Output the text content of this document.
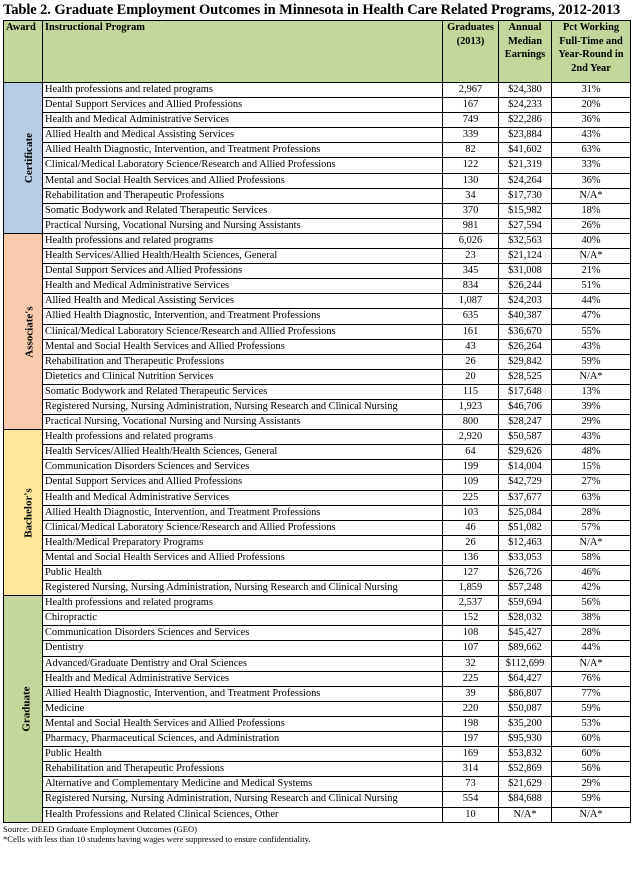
Table 2. Graduate Employment Outcomes in Minnesota in Health Care Related Programs, 2012-2013
Award	Instructional Program	Graduates (2013)	Annual Median Earnings	Pct Working Full-Time and Year-Round in 2nd Year
Certificate	Health professions and related programs	2,967	$24,380	31%
	Dental Support Services and Allied Professions	167	$24,233	20%
	Health and Medical Administrative Services	749	$22,286	36%
	Allied Health and Medical Assisting Services	339	$23,884	43%
	Allied Health Diagnostic, Intervention, and Treatment Professions	82	$41,602	63%
	Clinical/Medical Laboratory Science/Research and Allied Professions	122	$21,319	33%
	Mental and Social Health Services and Allied Professions	130	$24,264	36%
	Rehabilitation and Therapeutic Professions	34	$17,730	N/A*
	Somatic Bodywork and Related Therapeutic Services	370	$15,982	18%
	Practical Nursing, Vocational Nursing and Nursing Assistants	981	$27,594	26%
Associate's	Health professions and related programs	6,026	$32,563	40%
	Health Services/Allied Health/Health Sciences, General	23	$21,124	N/A*
	Dental Support Services and Allied Professions	345	$31,008	21%
	Health and Medical Administrative Services	834	$26,244	51%
	Allied Health and Medical Assisting Services	1,087	$24,203	44%
	Allied Health Diagnostic, Intervention, and Treatment Professions	635	$40,387	47%
	Clinical/Medical Laboratory Science/Research and Allied Professions	161	$36,670	55%
	Mental and Social Health Services and Allied Professions	43	$26,264	43%
	Rehabilitation and Therapeutic Professions	26	$29,842	59%
	Dietetics and Clinical Nutrition Services	20	$28,525	N/A*
	Somatic Bodywork and Related Therapeutic Services	115	$17,648	13%
	Registered Nursing, Nursing Administration, Nursing Research and Clinical Nursing	1,923	$46,706	39%
	Practical Nursing, Vocational Nursing and Nursing Assistants	800	$28,247	29%
Bachelor's	Health professions and related programs	2,920	$50,587	43%
	Health Services/Allied Health/Health Sciences, General	64	$29,626	48%
	Communication Disorders Sciences and Services	199	$14,004	15%
	Dental Support Services and Allied Professions	109	$42,729	27%
	Health and Medical Administrative Services	225	$37,677	63%
	Allied Health Diagnostic, Intervention, and Treatment Professions	103	$25,084	28%
	Clinical/Medical Laboratory Science/Research and Allied Professions	46	$51,082	57%
	Health/Medical Preparatory Programs	26	$12,463	N/A*
	Mental and Social Health Services and Allied Professions	136	$33,053	58%
	Public Health	127	$26,726	46%
	Registered Nursing, Nursing Administration, Nursing Research and Clinical Nursing	1,859	$57,248	42%
Graduate	Health professions and related programs	2,537	$59,694	56%
	Chiropractic	152	$28,032	38%
	Communication Disorders Sciences and Services	108	$45,427	28%
	Dentistry	107	$89,662	44%
	Advanced/Graduate Dentistry and Oral Sciences	32	$112,699	N/A*
	Health and Medical Administrative Services	225	$64,427	76%
	Allied Health Diagnostic, Intervention, and Treatment Professions	39	$86,807	77%
	Medicine	220	$50,087	59%
	Mental and Social Health Services and Allied Professions	198	$35,200	53%
	Pharmacy, Pharmaceutical Sciences, and Administration	197	$95,930	60%
	Public Health	169	$53,832	60%
	Rehabilitation and Therapeutic Professions	314	$52,869	56%
	Alternative and Complementary Medicine and Medical Systems	73	$21,629	29%
	Registered Nursing, Nursing Administration, Nursing Research and Clinical Nursing	554	$84,688	59%
	Health Professions and Related Clinical Sciences, Other	10	N/A*	N/A*
Source: DEED Graduate Employment Outcomes (GEO)
*Cells with less than 10 students having wages were suppressed to ensure confidentiality.
